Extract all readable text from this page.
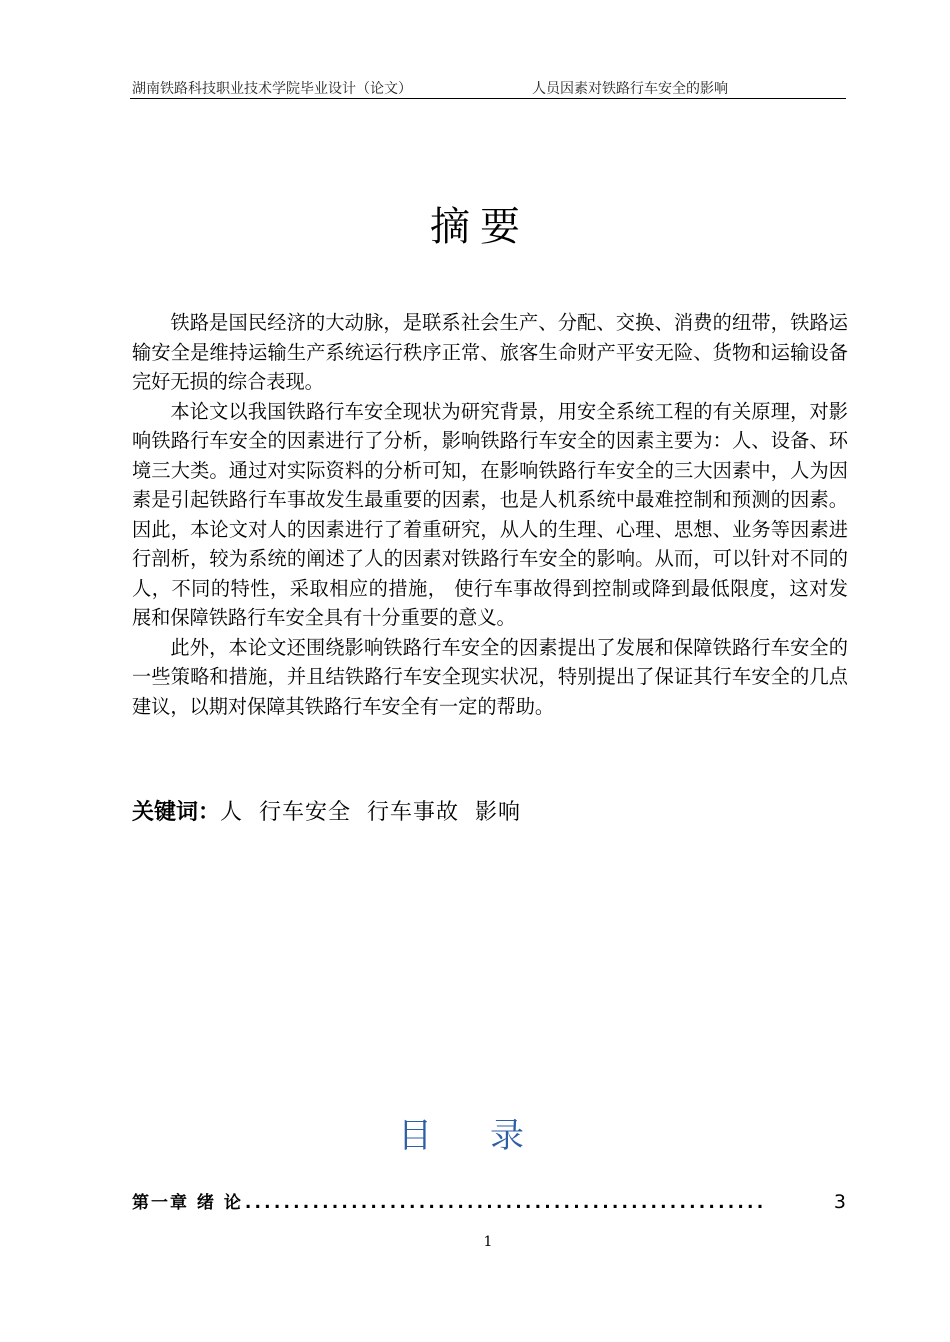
湖南铁路科技职业技术学院毕业设计（论文）	人员因素对铁路行车安全的影响
摘要

铁路是国民经济的大动脉，是联系社会生产、分配、交换、消费的纽带，铁路运输安全是维持运输生产系统运行秩序正常、旅客生命财产平安无险、货物和运输设备完好无损的综合表现。

本论文以我国铁路行车安全现状为研究背景，用安全系统工程的有关原理，对影响铁路行车安全的因素进行了分析，影响铁路行车安全的因素主要为：人、设备、环境三大类。通过对实际资料的分析可知，在影响铁路行车安全的三大因素中，人为因素是引起铁路行车事故发生最重要的因素，也是人机系统中最难控制和预测的因素。因此，本论文对人的因素进行了着重研究，从人的生理、心理、思想、业务等因素进行剖析，较为系统的阐述了人的因素对铁路行车安全的影响。从而，可以针对不同的人，不同的特性，采取相应的措施， 使行车事故得到控制或降到最低限度，这对发展和保障铁路行车安全具有十分重要的意义。

此外，本论文还围绕影响铁路行车安全的因素提出了发展和保障铁路行车安全的一些策略和措施，并且结铁路行车安全现实状况，特别提出了保证其行车安全的几点建议，以期对保障其铁路行车安全有一定的帮助。

关键词：人  行车安全  行车事故  影响
目录
第一章 绪 论 ......................................................	3
1
